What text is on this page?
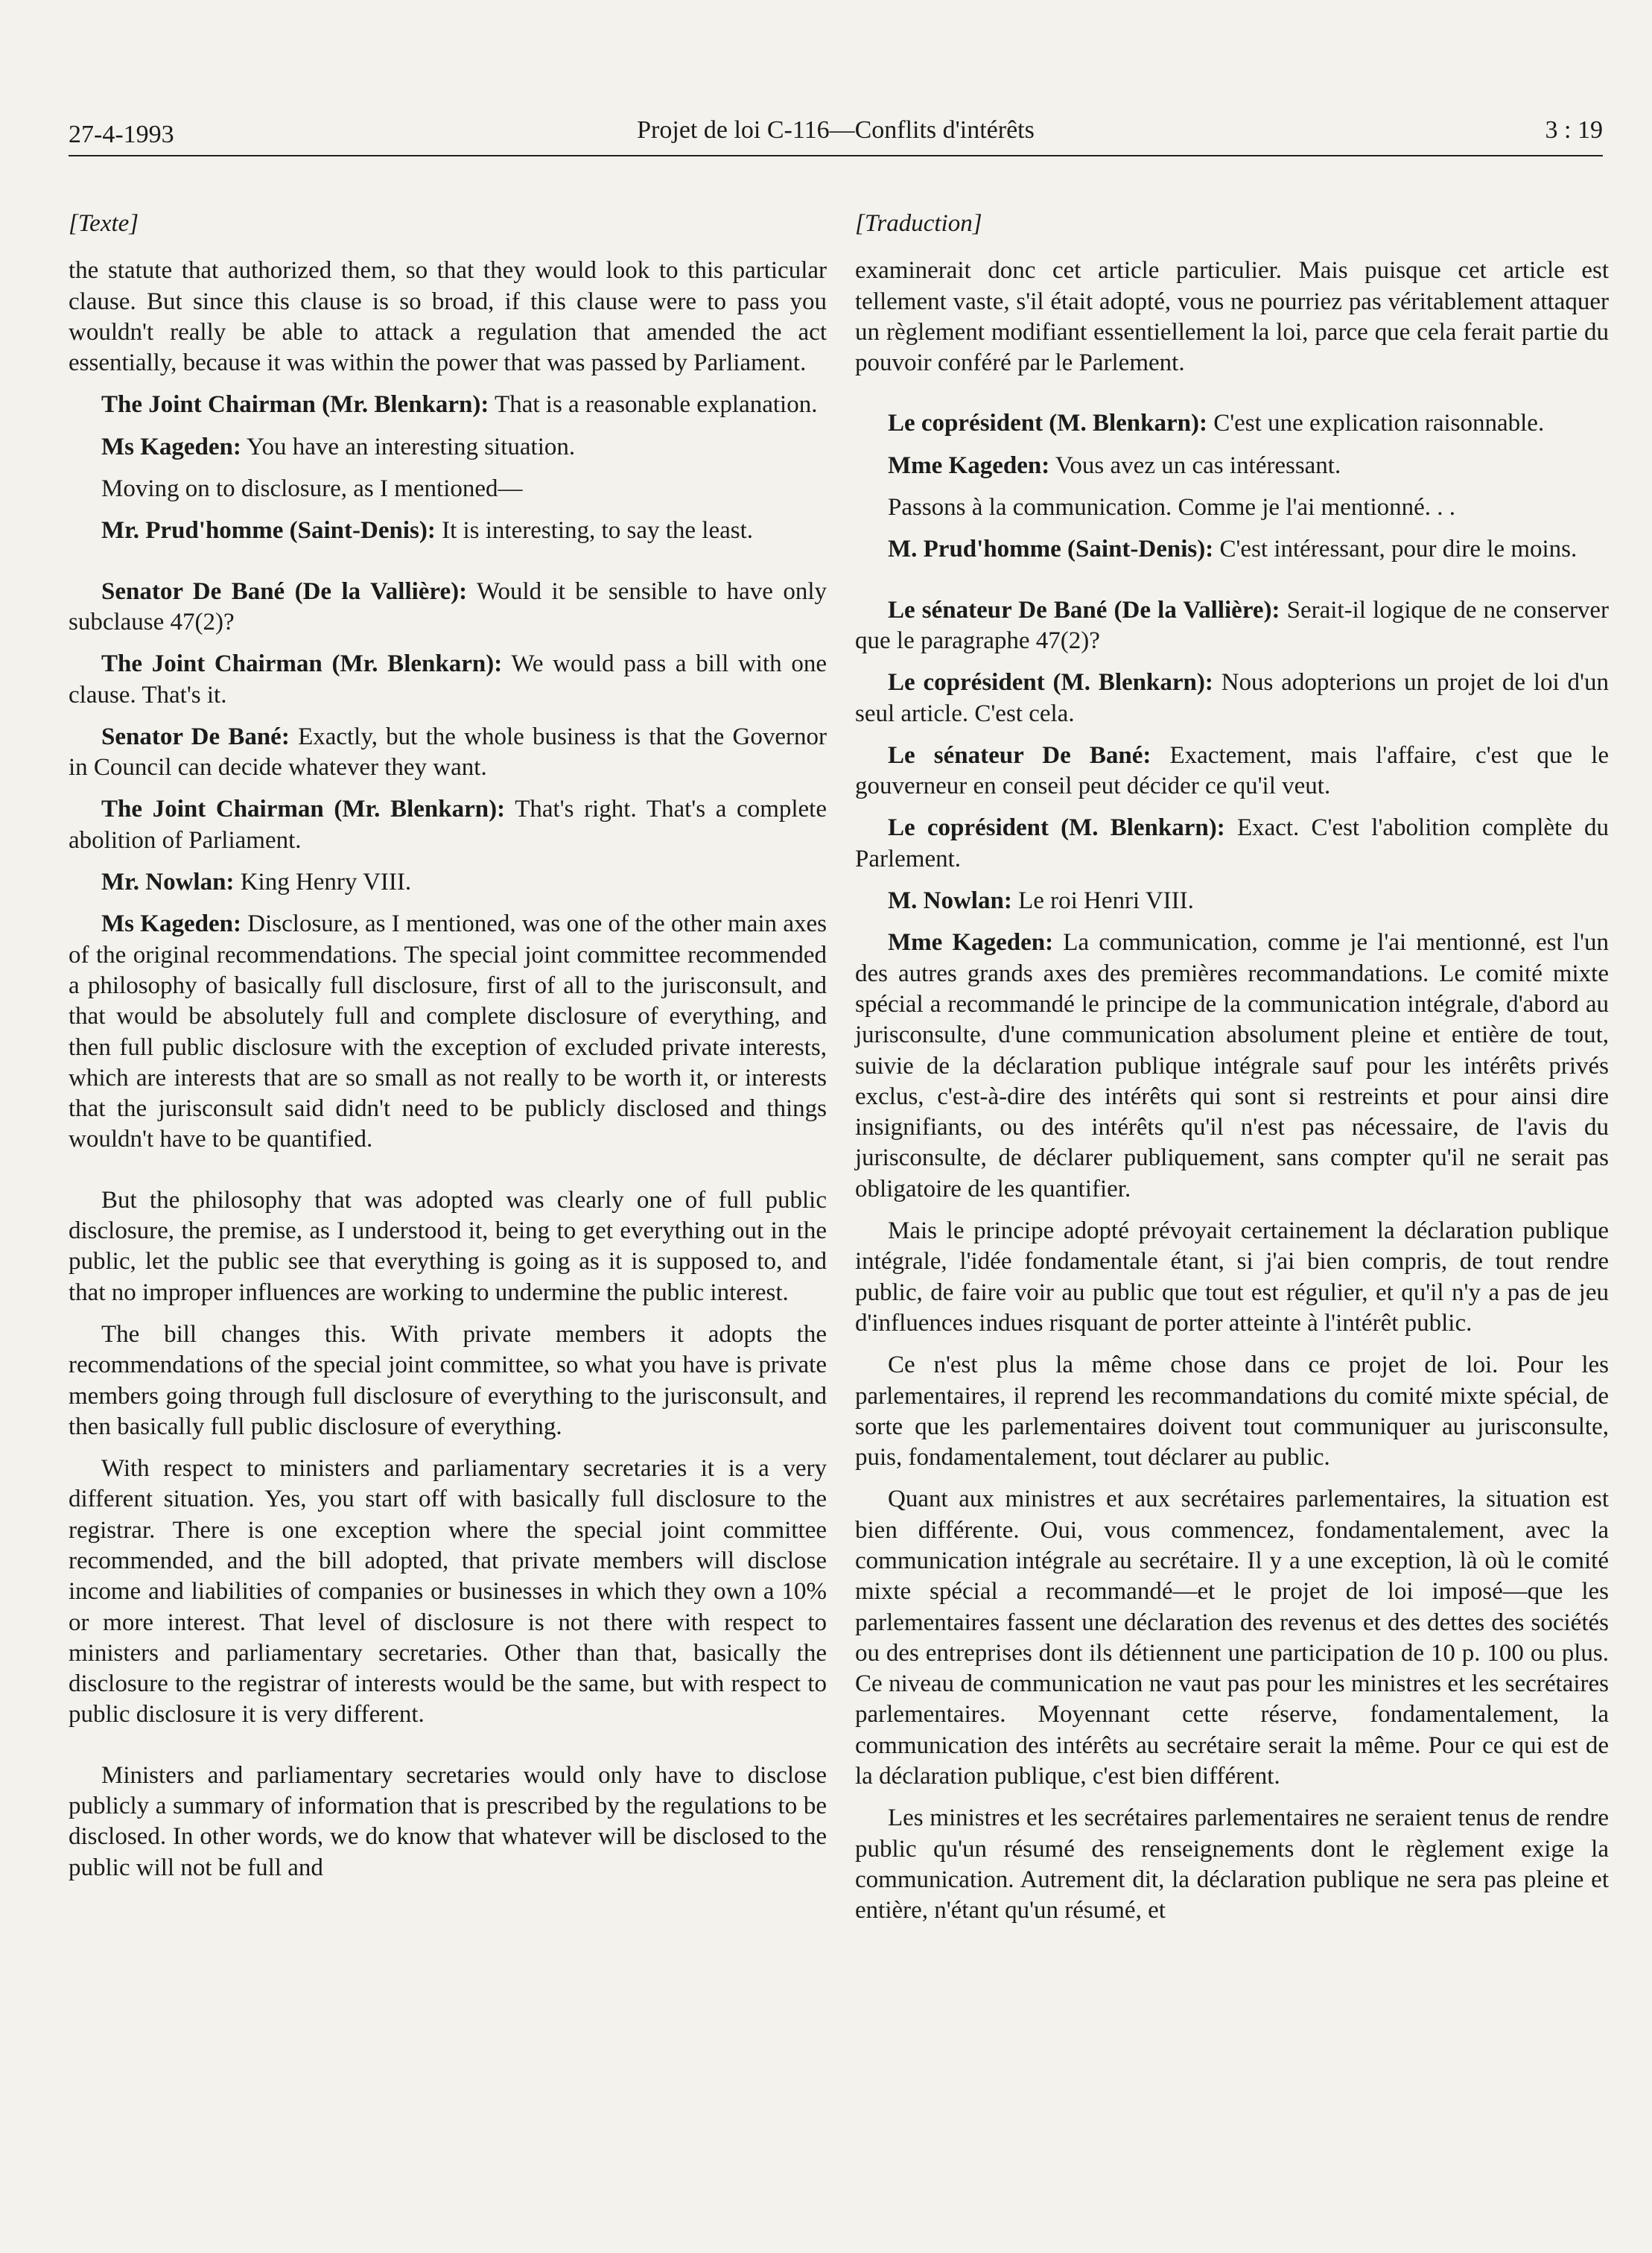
27-4-1993	Projet de loi C-116—Conflits d'intérêts	3 : 19
[Texte]

the statute that authorized them, so that they would look to this particular clause. But since this clause is so broad, if this clause were to pass you wouldn't really be able to attack a regulation that amended the act essentially, because it was within the power that was passed by Parliament.

The Joint Chairman (Mr. Blenkarn): That is a reasonable explanation.

Ms Kageden: You have an interesting situation.

Moving on to disclosure, as I mentioned—

Mr. Prud'homme (Saint-Denis): It is interesting, to say the least.

Senator De Bané (De la Vallière): Would it be sensible to have only subclause 47(2)?

The Joint Chairman (Mr. Blenkarn): We would pass a bill with one clause. That's it.

Senator De Bané: Exactly, but the whole business is that the Governor in Council can decide whatever they want.

The Joint Chairman (Mr. Blenkarn): That's right. That's a complete abolition of Parliament.

Mr. Nowlan: King Henry VIII.

Ms Kageden: Disclosure, as I mentioned, was one of the other main axes of the original recommendations. The special joint committee recommended a philosophy of basically full disclosure, first of all to the jurisconsult, and that would be absolutely full and complete disclosure of everything, and then full public disclosure with the exception of excluded private interests, which are interests that are so small as not really to be worth it, or interests that the jurisconsult said didn't need to be publicly disclosed and things wouldn't have to be quantified.

But the philosophy that was adopted was clearly one of full public disclosure, the premise, as I understood it, being to get everything out in the public, let the public see that everything is going as it is supposed to, and that no improper influences are working to undermine the public interest.

The bill changes this. With private members it adopts the recommendations of the special joint committee, so what you have is private members going through full disclosure of everything to the jurisconsult, and then basically full public disclosure of everything.

With respect to ministers and parliamentary secretaries it is a very different situation. Yes, you start off with basically full disclosure to the registrar. There is one exception where the special joint committee recommended, and the bill adopted, that private members will disclose income and liabilities of companies or businesses in which they own a 10% or more interest. That level of disclosure is not there with respect to ministers and parliamentary secretaries. Other than that, basically the disclosure to the registrar of interests would be the same, but with respect to public disclosure it is very different.

Ministers and parliamentary secretaries would only have to disclose publicly a summary of information that is prescribed by the regulations to be disclosed. In other words, we do know that whatever will be disclosed to the public will not be full and

[Traduction]

examinerait donc cet article particulier. Mais puisque cet article est tellement vaste, s'il était adopté, vous ne pourriez pas véritablement attaquer un règlement modifiant essentiellement la loi, parce que cela ferait partie du pouvoir conféré par le Parlement.

Le coprésident (M. Blenkarn): C'est une explication raisonnable.

Mme Kageden: Vous avez un cas intéressant.

Passons à la communication. Comme je l'ai mentionné. . .

M. Prud'homme (Saint-Denis): C'est intéressant, pour dire le moins.

Le sénateur De Bané (De la Vallière): Serait-il logique de ne conserver que le paragraphe 47(2)?

Le coprésident (M. Blenkarn): Nous adopterions un projet de loi d'un seul article. C'est cela.

Le sénateur De Bané: Exactement, mais l'affaire, c'est que le gouverneur en conseil peut décider ce qu'il veut.

Le coprésident (M. Blenkarn): Exact. C'est l'abolition complète du Parlement.

M. Nowlan: Le roi Henri VIII.

Mme Kageden: La communication, comme je l'ai mentionné, est l'un des autres grands axes des premières recommandations. Le comité mixte spécial a recommandé le principe de la communication intégrale, d'abord au jurisconsulte, d'une communication absolument pleine et entière de tout, suivie de la déclaration publique intégrale sauf pour les intérêts privés exclus, c'est-à-dire des intérêts qui sont si restreints et pour ainsi dire insignifiants, ou des intérêts qu'il n'est pas nécessaire, de l'avis du jurisconsulte, de déclarer publiquement, sans compter qu'il ne serait pas obligatoire de les quantifier.

Mais le principe adopté prévoyait certainement la déclaration publique intégrale, l'idée fondamentale étant, si j'ai bien compris, de tout rendre public, de faire voir au public que tout est régulier, et qu'il n'y a pas de jeu d'influences indues risquant de porter atteinte à l'intérêt public.

Ce n'est plus la même chose dans ce projet de loi. Pour les parlementaires, il reprend les recommandations du comité mixte spécial, de sorte que les parlementaires doivent tout communiquer au jurisconsulte, puis, fondamentalement, tout déclarer au public.

Quant aux ministres et aux secrétaires parlementaires, la situation est bien différente. Oui, vous commencez, fondamentalement, avec la communication intégrale au secrétaire. Il y a une exception, là où le comité mixte spécial a recommandé—et le projet de loi imposé—que les parlementaires fassent une déclaration des revenus et des dettes des sociétés ou des entreprises dont ils détiennent une participation de 10 p. 100 ou plus. Ce niveau de communication ne vaut pas pour les ministres et les secrétaires parlementaires. Moyennant cette réserve, fondamentalement, la communication des intérêts au secrétaire serait la même. Pour ce qui est de la déclaration publique, c'est bien différent.

Les ministres et les secrétaires parlementaires ne seraient tenus de rendre public qu'un résumé des renseignements dont le règlement exige la communication. Autrement dit, la déclaration publique ne sera pas pleine et entière, n'étant qu'un résumé, et
